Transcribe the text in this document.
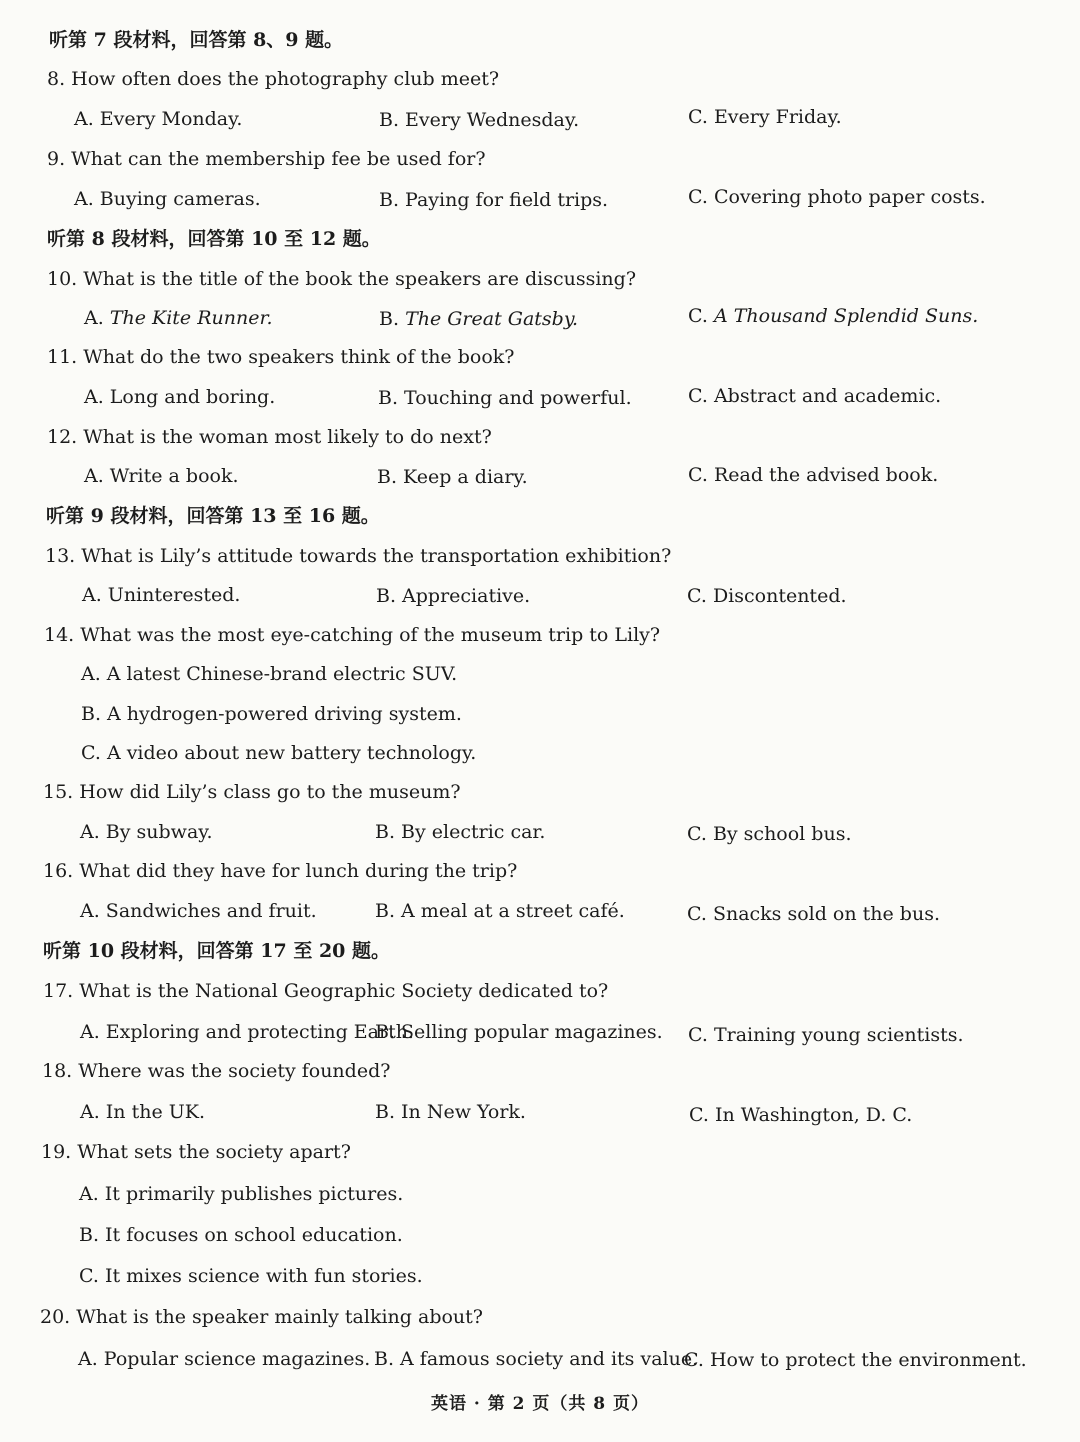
听第 7 段材料，回答第 8、9 题。
8. How often does the photography club meet?
A. Every Monday.	B. Every Wednesday.	C. Every Friday.
9. What can the membership fee be used for?
A. Buying cameras.	B. Paying for field trips.	C. Covering photo paper costs.
听第 8 段材料，回答第 10 至 12 题。
10. What is the title of the book the speakers are discussing?
A. The Kite Runner.	B. The Great Gatsby.	C. A Thousand Splendid Suns.
11. What do the two speakers think of the book?
A. Long and boring.	B. Touching and powerful.	C. Abstract and academic.
12. What is the woman most likely to do next?
A. Write a book.	B. Keep a diary.	C. Read the advised book.
听第 9 段材料，回答第 13 至 16 题。
13. What is Lily’s attitude towards the transportation exhibition?
A. Uninterested.	B. Appreciative.	C. Discontented.
14. What was the most eye-catching of the museum trip to Lily?
A. A latest Chinese-brand electric SUV.
B. A hydrogen-powered driving system.
C. A video about new battery technology.
15. How did Lily’s class go to the museum?
A. By subway.	B. By electric car.	C. By school bus.
16. What did they have for lunch during the trip?
A. Sandwiches and fruit.	B. A meal at a street café.	C. Snacks sold on the bus.
听第 10 段材料，回答第 17 至 20 题。
17. What is the National Geographic Society dedicated to?
A. Exploring and protecting Earth.
B. Selling popular magazines. C. Training young scientists.
18. Where was the society founded?
A. In the UK.	B. In New York.	C. In Washington, D. C.
19. What sets the society apart?
A. It primarily publishes pictures.
B. It focuses on school education.
C. It mixes science with fun stories.
20. What is the speaker mainly talking about?
A. Popular science magazines. B. A famous society and its value.
C. How to protect the environment.
英语 · 第 2 页（共 8 页）
